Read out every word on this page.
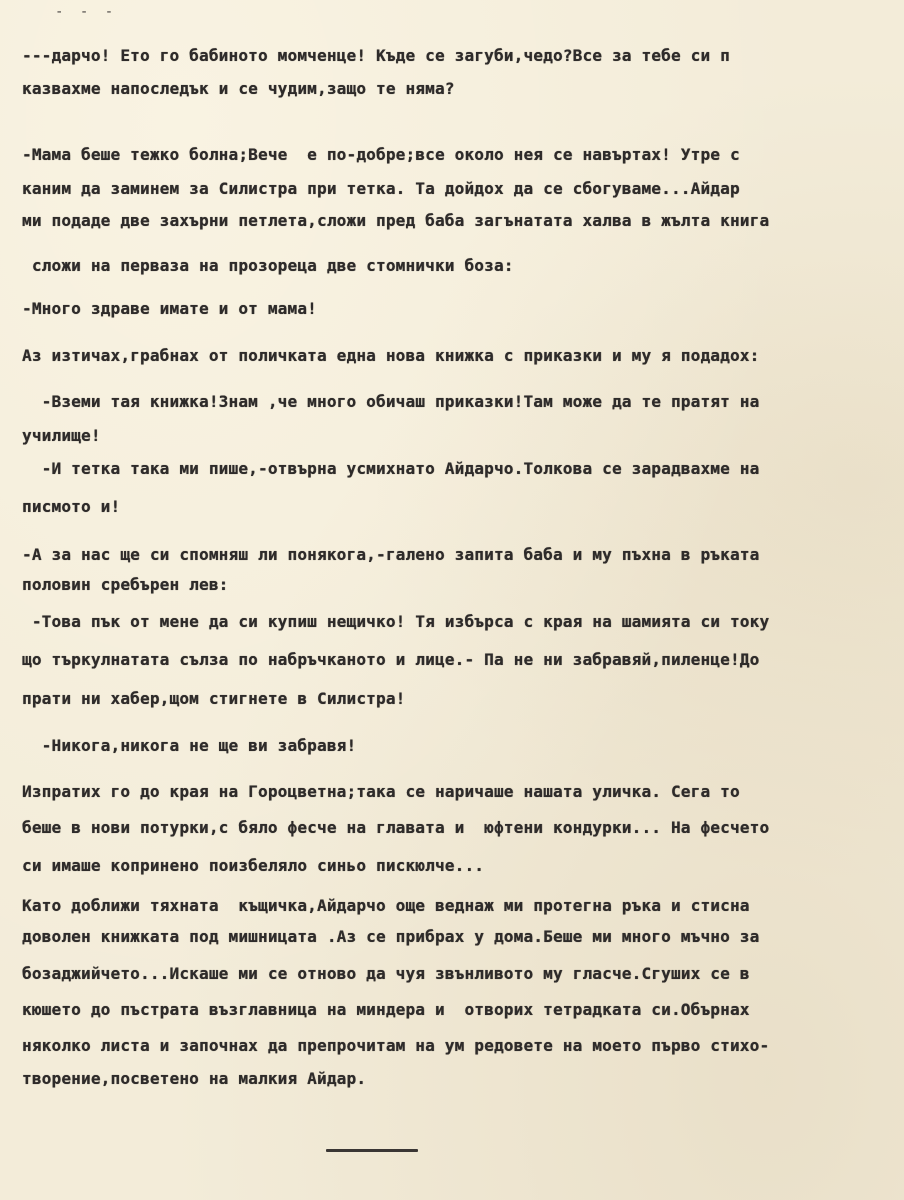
- - -
---дарчо! Ето го бабиното момченце! Къде се загуби,чедо?Все за тебе си п
казвахме напоследък и се чудим,защо те няма?
-Мама беше тежко болна;Вече  е по-добре;все около нея се навъртах! Утре с
каним да заминем за Силистра при тетка. Та дойдох да се сбогуваме...Айдар
ми подаде две захърни петлета,сложи пред баба загънатата халва в жълта книга
сложи на первaза на прозореца две стомнички боза:
-Много здраве имате и от мама!
Аз изтичах,грабнах от поличката една нова книжка с приказки и му я подадох:
-Вземи тая книжка!Знам ,че много обичаш приказки!Там може да те пратят на
училище!
-И тетка така ми пише,-отвърна усмихнато Айдарчо.Толкова се зарадвахме на
писмото и!
-А за нас ще си спомняш ли понякога,-галено запита баба и му пъхна в ръката
половин сребърен лев:
-Това пък от мене да си купиш нещичко! Тя избърса с края на шамията си току
що търкулнатата сълза по набръчканото и лице.- Па не ни забравяй,пиленце!До
прати ни хабер,щом стигнете в Силистра!
-Никога,никога не ще ви забравя!
Изпратих го до края на Гороцветна;така се наричаше нашата уличка. Сега то
беше в нови потурки,с бяло фесче на главата и  юфтени кондурки... На фесчето
си имаше копринено поизбеляло синьо пискюлче...
Като доближи тяхната  къщичка,Айдарчо още веднаж ми протегна ръка и стисна
доволен книжката под мишницата .Аз се прибрах у дома.Беше ми много мъчно за
бозаджийчето...Искаше ми се отново да чуя звънливото му гласче.Сгуших се в
кюшето до пъстрата възглавница на миндера и  отворих тетрадката си.Обърнах
няколко листа и започнах да препрочитам на ум редовете на моето първо стихо-
творение,посветено на малкия Айдар.
